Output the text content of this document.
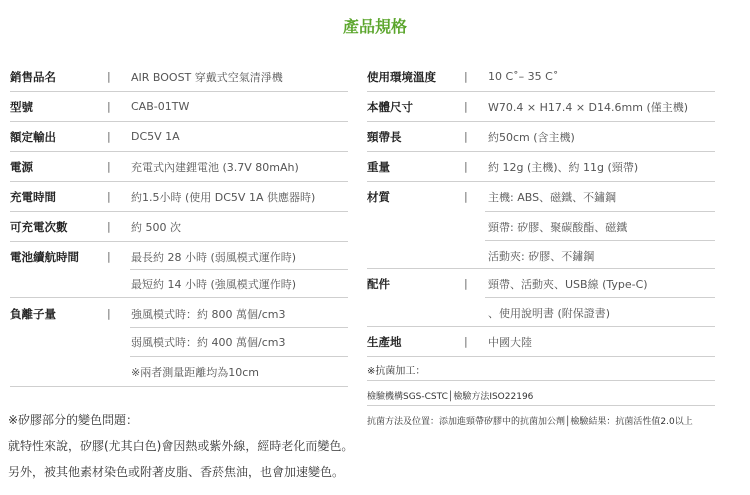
產品規格
銷售品名	|	AIR BOOST 穿戴式空氣清淨機
型號	|	CAB-01TW
額定輸出	|	DC5V 1A
電源	|	充電式內建鋰電池 (3.7V 80mAh)
充電時間	|	約1.5小時 (使用 DC5V 1A 供應器時)
可充電次數	|	約 500 次
電池續航時間	|	最長約 28 小時 (弱風模式運作時)
最短約 14 小時 (強風模式運作時)
負離子量	|	強風模式時：約 800 萬個/cm3
弱風模式時：約 400 萬個/cm3
※兩者測量距離均為10cm
使用環境溫度	|	10 C˚– 35 C˚
本體尺寸	|	W70.4 × H17.4 × D14.6mm (僅主機)
頸帶長	|	約50cm (含主機)
重量	|	約 12g (主機)、約 11g (頸帶)
材質	|	主機: ABS、磁鐵、不鏽鋼
頸帶: 矽膠、聚碳酸酯、磁鐵
活動夾: 矽膠、不鏽鋼
配件	|	頸帶、活動夾、USB線 (Type-C)
、使用說明書 (附保證書)
生產地	|	中國大陸
※抗菌加工：
檢驗機構SGS-CSTC│檢驗方法ISO22196
抗菌方法及位置：添加進頸帶矽膠中的抗菌加公劑│檢驗結果：抗菌活性值2.0以上
※矽膠部分的變色問題：
就特性來說，矽膠(尤其白色)會因熱或紫外線，經時老化而變色。
另外，被其他素材染色或附著皮脂、香菸焦油，也會加速變色。
